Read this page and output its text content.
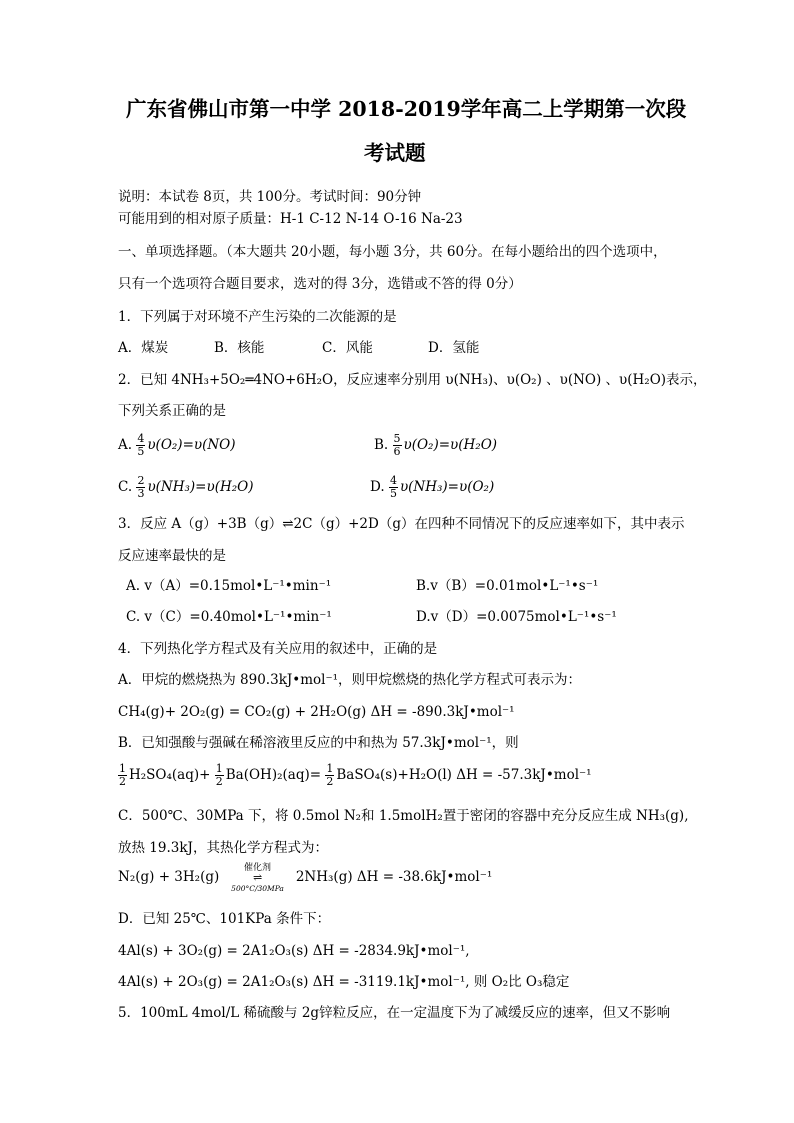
广东省佛山市第一中学 2018-2019学年高二上学期第一次段
考试题
说明：本试卷 8页，共 100分。考试时间：90分钟
可能用到的相对原子质量：H-1 C-12 N-14 O-16 Na-23
一、单项选择题。（本大题共 20小题，每小题 3分，共 60分。在每小题给出的四个选项中，
只有一个选项符合题目要求，选对的得 3分，选错或不答的得 0分）
1．下列属于对环境不产生污染的二次能源的是
A．煤炭	B．核能	C．风能	D．氢能
2．已知 4NH₃+5O₂═4NO+6H₂O，反应速率分别用 υ(NH₃)、υ(O₂) 、υ(NO) 、υ(H₂O)表示，
下列关系正确的是
A. $\frac{4}{5} \upsilon(O_2)=\upsilon(NO)$	B. $\frac{5}{6} \upsilon(O_2)=\upsilon(H_2O)$
C. $\frac{2}{3} \upsilon(NH_3)=\upsilon(H_2O)$	D. $\frac{4}{5} \upsilon(NH_3)=\upsilon(O_2)$
3．反应 A（g）+3B（g）⇌2C（g）+2D（g）在四种不同情况下的反应速率如下，其中表示
反应速率最快的是
A. v（A）=0.15mol•L⁻¹•min⁻¹	B.v（B）=0.01mol•L⁻¹•s⁻¹
C. v（C）=0.40mol•L⁻¹•min⁻¹	D.v（D）=0.0075mol•L⁻¹•s⁻¹
4．下列热化学方程式及有关应用的叙述中，正确的是
A．甲烷的燃烧热为 890.3kJ•mol⁻¹，则甲烷燃烧的热化学方程式可表示为：
CH₄(g)+ 2O₂(g) = CO₂(g) + 2H₂O(g) ΔH = -890.3kJ•mol⁻¹
B．已知强酸与强碱在稀溶液里反应的中和热为 57.3kJ•mol⁻¹，则
$\frac{1}{2} H_2SO_4(aq)+ \frac{1}{2} Ba(OH)_2(aq)= \frac{1}{2}$ BaSO₄(s)+H₂O(l) ΔH = -57.3kJ•mol⁻¹
C．500℃、30MPa 下，将 0.5mol N₂和 1.5molH₂置于密闭的容器中充分反应生成 NH₃(g),
放热 19.3kJ，其热化学方程式为：
N₂(g) + 3H₂(g)
催化剂
⇌
500°C/30MPa
2NH₃(g) ΔH = -38.6kJ•mol⁻¹
D．已知 25℃、101KPa 条件下：
4Al(s) + 3O₂(g) = 2A1₂O₃(s) ΔH = -2834.9kJ•mol⁻¹,
4Al(s) + 2O₃(g) = 2A1₂O₃(s) ΔH = -3119.1kJ•mol⁻¹, 则 O₂比 O₃稳定
5．100mL 4mol/L 稀硫酸与 2g锌粒反应，在一定温度下为了减缓反应的速率，但又不影响
